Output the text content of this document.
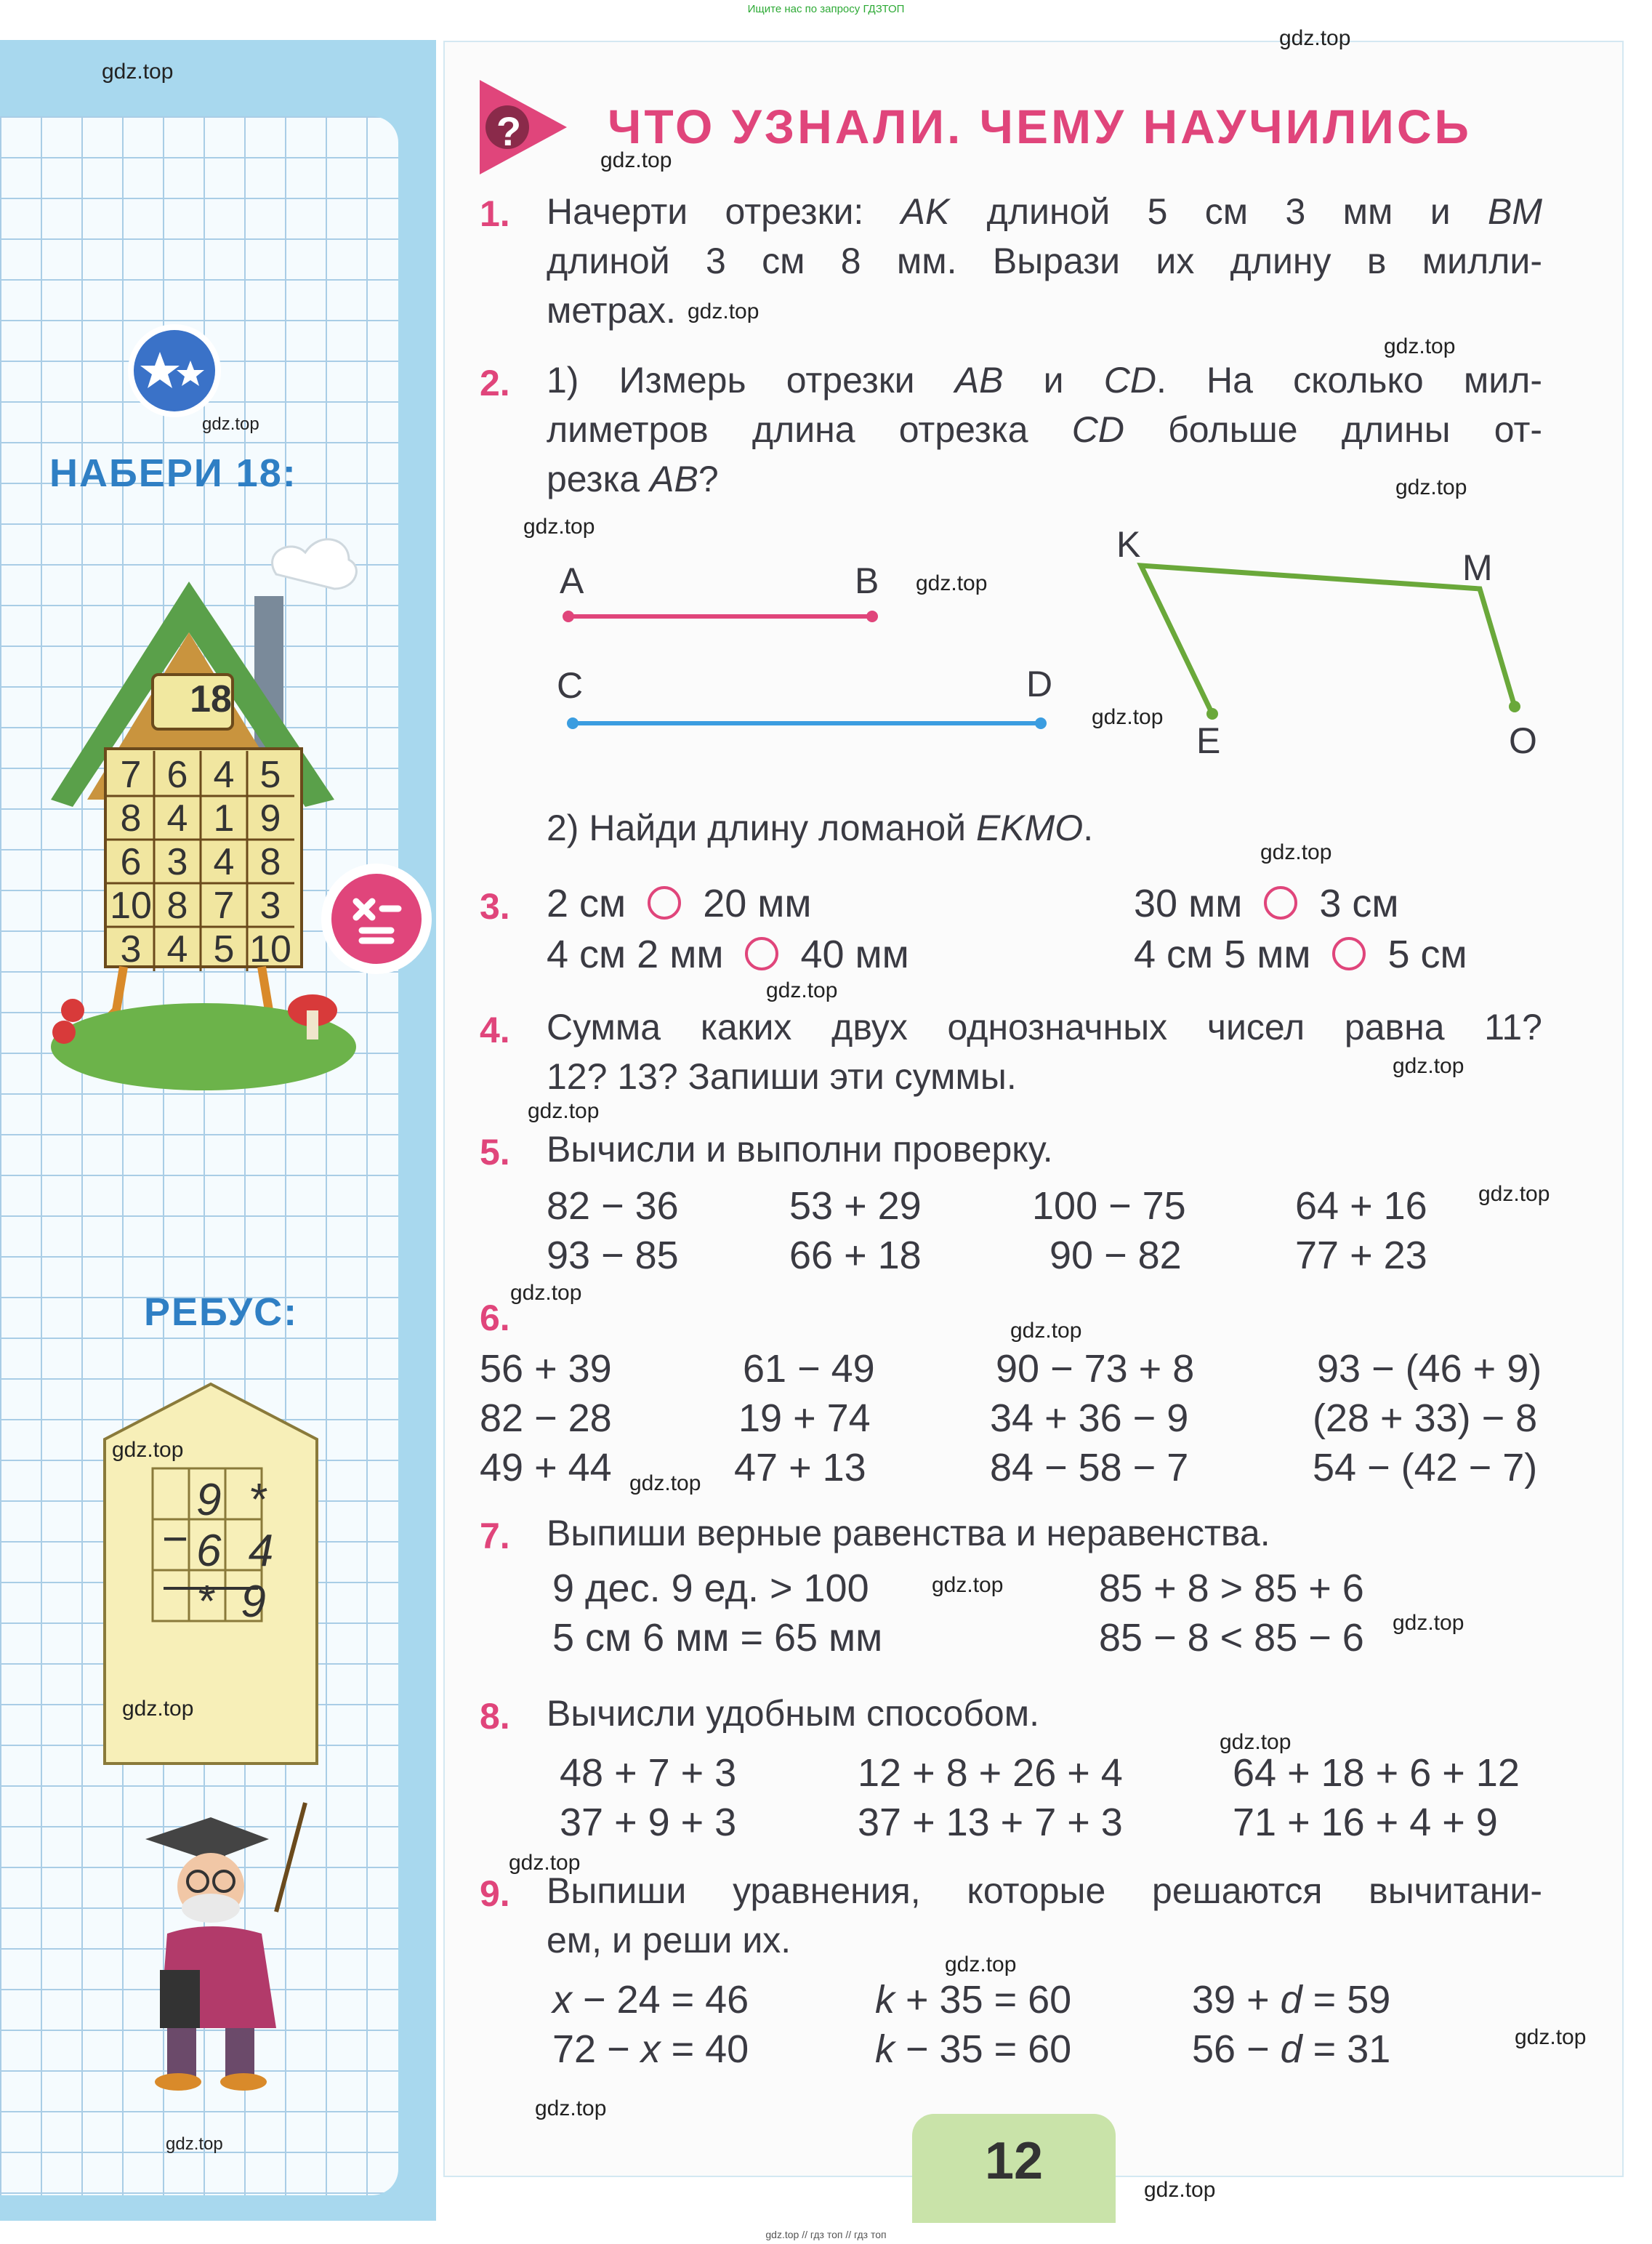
Ищите нас по запросу ГДЗТОП
НАБЕРИ 18:
18
7 6 4 5
8 4 1 9
6 3 4 8
10 8 7 3
3 4 5 10
РЕБУС:
−
9 *
6 4
* 9
? ЧТО УЗНАЛИ. ЧЕМУ НАУЧИЛИСЬ
1. Начерти отрезки: AK длиной 5 см 3 мм и BM
длиной 3 см 8 мм. Вырази их длину в милли-
метрах.
2. 1) Измерь отрезки AB и CD. На сколько мил-
лиметров длина отрезка CD больше длины от-
резка AB?
A	B
C	D
K
M
E	O
2) Найди длину ломаной EKMO.
3. 2 см 20 мм	30 мм 3 см
4 см 2 мм 40 мм	4 см 5 мм 5 см
4. Сумма каких двух однозначных чисел равна 11?
12? 13? Запиши эти суммы.
5. Вычисли и выполни проверку.
82 − 36	53 + 29	100 − 75	64 + 16
93 − 85	66 + 18	90 − 82	77 + 23
6.
56 + 39	61 − 49	90 − 73 + 8	93 − (46 + 9)
82 − 28	19 + 74	34 + 36 − 9	(28 + 33) − 8
49 + 44	47 + 13	84 − 58 − 7	54 − (42 − 7)
7. Выпиши верные равенства и неравенства.
9 дес. 9 ед. > 100	85 + 8 > 85 + 6
5 см 6 мм = 65 мм	85 − 8 < 85 − 6
8. Вычисли удобным способом.
48 + 7 + 3	12 + 8 + 26 + 4	64 + 18 + 6 + 12
37 + 9 + 3	37 + 13 + 7 + 3	71 + 16 + 4 + 9
9. Выпиши уравнения, которые решаются вычитани-
ем, и реши их.
x − 24 = 46	k + 35 = 60	39 + d = 59
72 − x = 40	k − 35 = 60	56 − d = 31
12
gdz.top
gdz.top
gdz.top
gdz.top
gdz.top
gdz.top
gdz.top
gdz.top
gdz.top
gdz.top
gdz.top
gdz.top
gdz.top
gdz.top
gdz.top
gdz.top
gdz.top
gdz.top
gdz.top
gdz.top
gdz.top
gdz.top
gdz.top
gdz.top
gdz.top
gdz.top
gdz.top
gdz.top
gdz.top
gdz.top // гдз топ // гдз топ
